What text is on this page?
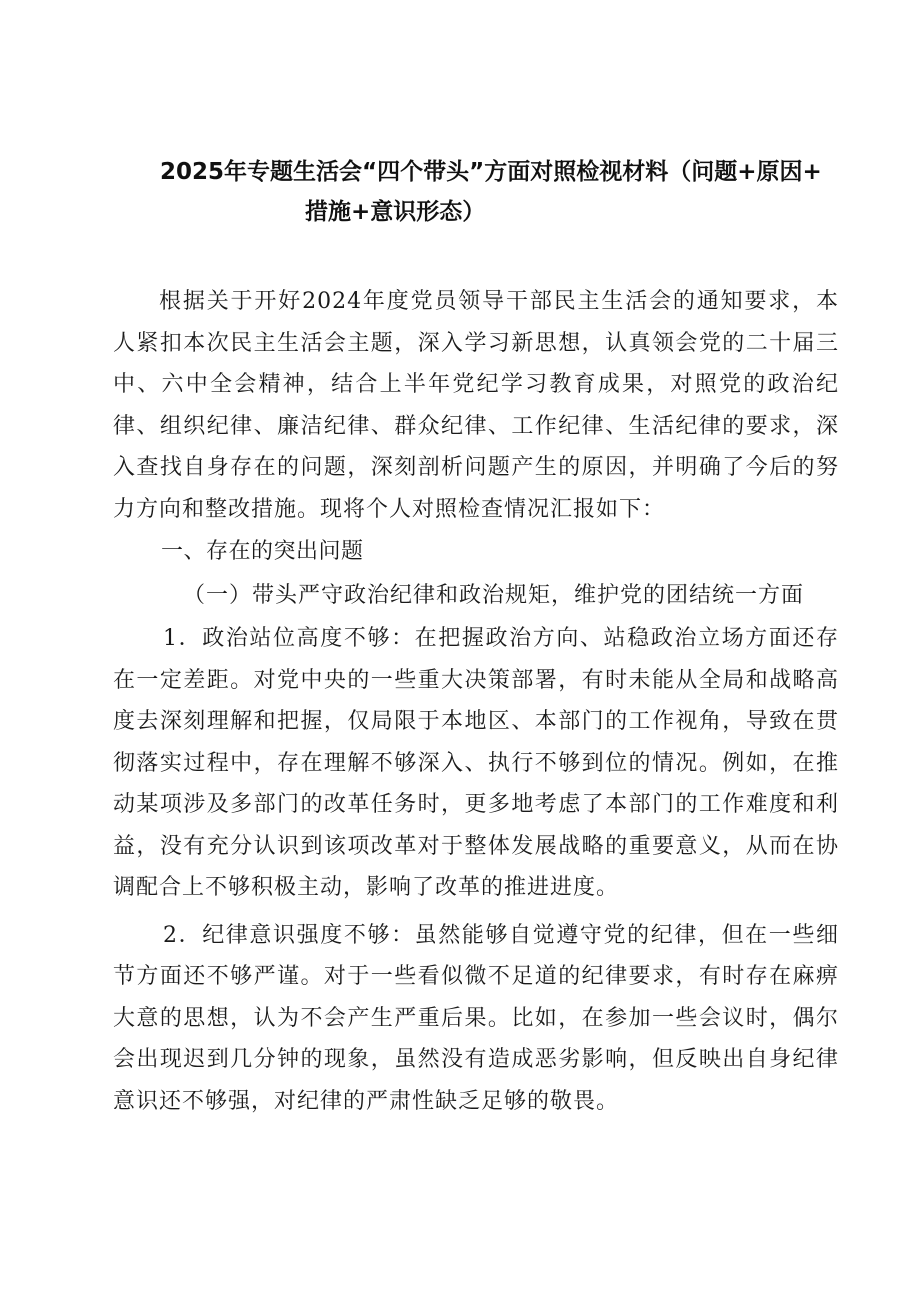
2025年专题生活会“四个带头”方面对照检视材料（问题+原因+
措施+意识形态）

根据关于开好2024年度党员领导干部民主生活会的通知要求，本人紧扣本次民主生活会主题，深入学习新思想，认真领会党的二十届三中、六中全会精神，结合上半年党纪学习教育成果，对照党的政治纪律、组织纪律、廉洁纪律、群众纪律、工作纪律、生活纪律的要求，深入查找自身存在的问题，深刻剖析问题产生的原因，并明确了今后的努力方向和整改措施。现将个人对照检查情况汇报如下：

一、存在的突出问题

（一）带头严守政治纪律和政治规矩，维护党的团结统一方面

1．政治站位高度不够：在把握政治方向、站稳政治立场方面还存在一定差距。对党中央的一些重大决策部署，有时未能从全局和战略高度去深刻理解和把握，仅局限于本地区、本部门的工作视角，导致在贯彻落实过程中，存在理解不够深入、执行不够到位的情况。例如，在推动某项涉及多部门的改革任务时，更多地考虑了本部门的工作难度和利益，没有充分认识到该项改革对于整体发展战略的重要意义，从而在协调配合上不够积极主动，影响了改革的推进进度。

2．纪律意识强度不够：虽然能够自觉遵守党的纪律，但在一些细节方面还不够严谨。对于一些看似微不足道的纪律要求，有时存在麻痹大意的思想，认为不会产生严重后果。比如，在参加一些会议时，偶尔会出现迟到几分钟的现象，虽然没有造成恶劣影响，但反映出自身纪律意识还不够强，对纪律的严肃性缺乏足够的敬畏。
